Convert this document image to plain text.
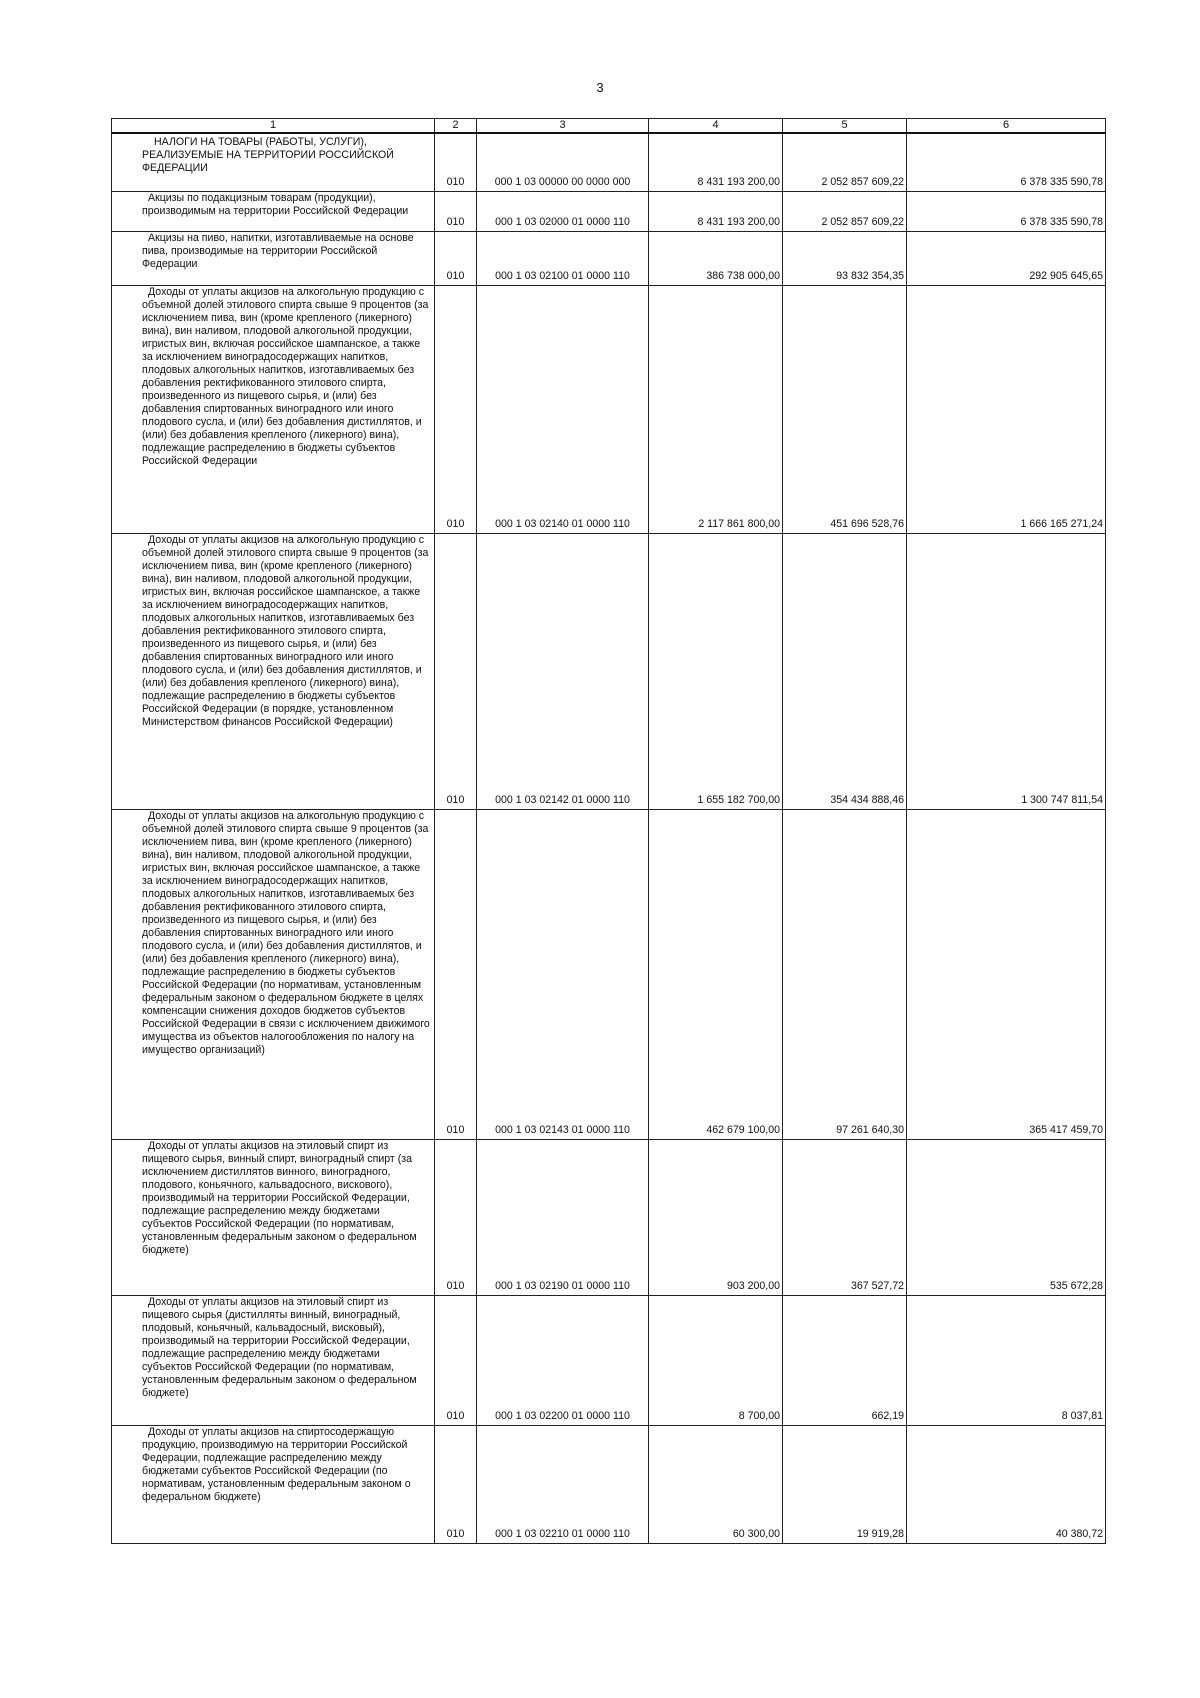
3
1	2	3	4	5	6
НАЛОГИ НА ТОВАРЫ (РАБОТЫ, УСЛУГИ), РЕАЛИЗУЕМЫЕ НА ТЕРРИТОРИИ РОССИЙСКОЙ ФЕДЕРАЦИИ	010	000 1 03 00000 00 0000 000	8 431 193 200,00	2 052 857 609,22	6 378 335 590,78
Акцизы по подакцизным товарам (продукции), производимым на территории Российской Федерации	010	000 1 03 02000 01 0000 110	8 431 193 200,00	2 052 857 609,22	6 378 335 590,78
Акцизы на пиво, напитки, изготавливаемые на основе пива, производимые на территории Российской Федерации	010	000 1 03 02100 01 0000 110	386 738 000,00	93 832 354,35	292 905 645,65
Доходы от уплаты акцизов на алкогольную продукцию с объемной долей этилового спирта свыше 9 процентов (за исключением пива, вин (кроме крепленого (ликерного) вина), вин наливом, плодовой алкогольной продукции, игристых вин, включая российское шампанское, а также за исключением виноградосодержащих напитков, плодовых алкогольных напитков, изготавливаемых без добавления ректификованного этилового спирта, произведенного из пищевого сырья, и (или) без добавления спиртованных виноградного или иного плодового сусла, и (или) без добавления дистиллятов, и (или) без добавления крепленого (ликерного) вина), подлежащие распределению в бюджеты субъектов Российской Федерации	010	000 1 03 02140 01 0000 110	2 117 861 800,00	451 696 528,76	1 666 165 271,24
Доходы от уплаты акцизов на алкогольную продукцию с объемной долей этилового спирта свыше 9 процентов (за исключением пива, вин (кроме крепленого (ликерного) вина), вин наливом, плодовой алкогольной продукции, игристых вин, включая российское шампанское, а также за исключением виноградосодержащих напитков, плодовых алкогольных напитков, изготавливаемых без добавления ректификованного этилового спирта, произведенного из пищевого сырья, и (или) без добавления спиртованных виноградного или иного плодового сусла, и (или) без добавления дистиллятов, и (или) без добавления крепленого (ликерного) вина), подлежащие распределению в бюджеты субъектов Российской Федерации (в порядке, установленном Министерством финансов Российской Федерации)	010	000 1 03 02142 01 0000 110	1 655 182 700,00	354 434 888,46	1 300 747 811,54
Доходы от уплаты акцизов на алкогольную продукцию с объемной долей этилового спирта свыше 9 процентов (за исключением пива, вин (кроме крепленого (ликерного) вина), вин наливом, плодовой алкогольной продукции, игристых вин, включая российское шампанское, а также за исключением виноградосодержащих напитков, плодовых алкогольных напитков, изготавливаемых без добавления ректификованного этилового спирта, произведенного из пищевого сырья, и (или) без добавления спиртованных виноградного или иного плодового сусла, и (или) без добавления дистиллятов, и (или) без добавления крепленого (ликерного) вина), подлежащие распределению в бюджеты субъектов Российской Федерации (по нормативам, установленным федеральным законом о федеральном бюджете в целях компенсации снижения доходов бюджетов субъектов Российской Федерации в связи с исключением движимого имущества из объектов налогообложения по налогу на имущество организаций)	010	000 1 03 02143 01 0000 110	462 679 100,00	97 261 640,30	365 417 459,70
Доходы от уплаты акцизов на этиловый спирт из пищевого сырья, винный спирт, виноградный спирт (за исключением дистиллятов винного, виноградного, плодового, коньячного, кальвадосного, вискового), производимый на территории Российской Федерации, подлежащие распределению между бюджетами субъектов Российской Федерации (по нормативам, установленным федеральным законом о федеральном бюджете)	010	000 1 03 02190 01 0000 110	903 200,00	367 527,72	535 672,28
Доходы от уплаты акцизов на этиловый спирт из пищевого сырья (дистилляты винный, виноградный, плодовый, коньячный, кальвадосный, висковый), производимый на территории Российской Федерации, подлежащие распределению между бюджетами субъектов Российской Федерации (по нормативам, установленным федеральным законом о федеральном бюджете)	010	000 1 03 02200 01 0000 110	8 700,00	662,19	8 037,81
Доходы от уплаты акцизов на спиртосодержащую продукцию, производимую на территории Российской Федерации, подлежащие распределению между бюджетами субъектов Российской Федерации (по нормативам, установленным федеральным законом о федеральном бюджете)	010	000 1 03 02210 01 0000 110	60 300,00	19 919,28	40 380,72
